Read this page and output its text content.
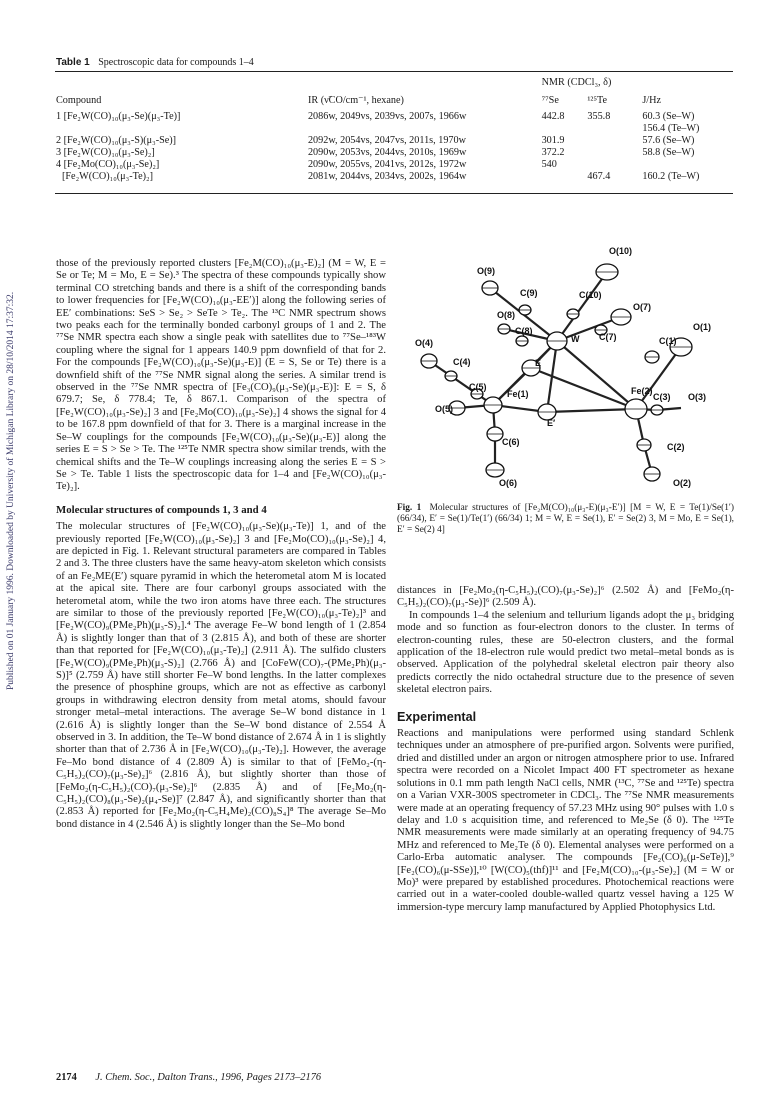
Published on 01 January 1996. Downloaded by University of Michigan Library on 28/10/2014 17:37:32.
Table 1 Spectroscopic data for compounds 1–4
		NMR (CDCl₃, δ)		
Compound	IR (ν̃CO/cm⁻¹, hexane)	⁷⁷Se	¹²⁵Te	J/Hz
1 [Fe₂W(CO)₁₀(μ₃-Se)(μ₃-Te)]	2086w, 2049vs, 2039vs, 2007s, 1966w	442.8	355.8	60.3 (Se–W)
				156.4 (Te–W)
2 [Fe₂W(CO)₁₀(μ₃-S)(μ₃-Se)]	2092w, 2054vs, 2047vs, 2011s, 1970w	301.9		57.6 (Se–W)
3 [Fe₂W(CO)₁₀(μ₃-Se)₂]	2090w, 2053vs, 2044vs, 2010s, 1969w	372.2		58.8 (Se–W)
4 [Fe₂Mo(CO)₁₀(μ₃-Se)₂]	2090w, 2055vs, 2041vs, 2012s, 1972w	540		
[Fe₂W(CO)₁₀(μ₃-Te)₂]	2081w, 2044vs, 2034vs, 2002s, 1964w		467.4	160.2 (Te–W)

those of the previously reported clusters [Fe₂M(CO)₁₀(μ₃-E)₂] (M = W, E = Se or Te; M = Mo, E = Se).³ The spectra of these compounds typically show terminal CO stretching bands and there is a shift of the corresponding bands to lower frequencies for [Fe₂W(CO)₁₀(μ₃-EE′)] along the following series of EE′ combinations: SeS > Se₂ > SeTe > Te₂. The ¹³C NMR spectrum shows two peaks each for the terminally bonded carbonyl groups of 1 and 2. The ⁷⁷Se NMR spectra each show a single peak with satellites due to ⁷⁷Se–¹⁸³W coupling where the signal for 1 appears 140.9 ppm downfield of that for 2. For the compounds [Fe₂W(CO)₁₀(μ₃-Se)(μ₃-E)] (E = S, Se or Te) there is a downfield shift of the ⁷⁷Se NMR signal along the series. A similar trend is observed in the ⁷⁷Se NMR spectra of [Fe₃(CO)₉(μ₃-Se)(μ₃-E)]: E = S, δ 679.7; Se, δ 778.4; Te, δ 867.1. Comparison of the spectra of [Fe₂W(CO)₁₀(μ₃-Se)₂] 3 and [Fe₂Mo(CO)₁₀(μ₃-Se)₂] 4 shows the signal for 4 to be 167.8 ppm downfield of that for 3. There is a marginal increase in the Se–W couplings for the compounds [Fe₂W(CO)₁₀(μ₃-Se)(μ₃-E)] along the series E = S > Se > Te. The ¹²⁵Te NMR spectra show similar trends, with the chemical shifts and the Te–W couplings increasing along the series E = S > Se > Te. Table 1 lists the spectroscopic data for 1–4 and [Fe₂W(CO)₁₀(μ₃-Te)₂].

Molecular structures of compounds 1, 3 and 4

The molecular structures of [Fe₂W(CO)₁₀(μ₃-Se)(μ₃-Te)] 1, and of the previously reported [Fe₂W(CO)₁₀(μ₃-Se)₂] 3 and [Fe₂Mo(CO)₁₀(μ₃-Se)₂] 4, are depicted in Fig. 1. Relevant structural parameters are compared in Tables 2 and 3. The three clusters have the same heavy-atom skeleton which consists of an Fe₂ME(E′) square pyramid in which the heterometal atom M is located at the apical site. There are four carbonyl groups associated with the heterometal atom, while the two iron atoms have three each. The structures are similar to those of the previously reported [Fe₂W(CO)₁₀(μ₃-Te)₂]³ and [Fe₂W(CO)₉(PMe₂Ph)(μ₃-S)₂].⁴ The average Fe–W bond length of 1 (2.854 Å) is slightly longer than that of 3 (2.815 Å), and both of these are shorter than that reported for [Fe₂W(CO)₁₀(μ₃-Te)₂] (2.911 Å). The sulfido clusters [Fe₂W(CO)₉(PMe₂Ph)(μ₃-S)₂] (2.766 Å) and [CoFeW(CO)₇-(PMe₂Ph)(μ₃-S)]⁵ (2.759 Å) have still shorter Fe–W bond lengths. In the latter complexes the presence of phosphine groups, which are not as effective as carbonyl groups in withdrawing electron density from metal atoms, should favour stronger metal–metal interactions. The average Se–W bond distance in 1 (2.616 Å) is slightly longer than the Se–W bond distance of 2.554 Å observed in 3. In addition, the Te–W bond distance of 2.674 Å in 1 is slightly shorter than that of 2.736 Å in [Fe₂W(CO)₁₀(μ₃-Te)₂]. However, the average Fe–Mo bond distance of 4 (2.809 Å) is similar to that of [FeMo₂-(η-C₅H₅)₂(CO)₇(μ₃-Se)₂]⁶ (2.816 Å), but slightly shorter than those of [FeMo₂(η-C₅H₅)₂(CO)₇(μ₃-Se)₂]⁶ (2.835 Å) and of [Fe₂Mo₂(η-C₅H₅)₂(CO)₈(μ₃-Se)₂(μ₄-Se)]⁷ (2.847 Å), and significantly shorter than that (2.853 Å) reported for [Fe₂Mo₂(η-C₅H₄Me)₂(CO)₈S₄]⁸ The average Se–Mo bond distance in 4 (2.546 Å) is slightly longer than the Se–Mo bond

O(10)
O(9)
C(9)	C(10)
O(7)
O(8)
W C(7)
O(1)
C(8)
C(1)
O(4)
C(4)	E
C(5)
Fe(1)	Fe(2)
C(3) O(3)
O(5)
E′
C(6)	C(2)
O(6)	O(2)
Fig. 1 Molecular structures of [Fe₂M(CO)₁₀(μ₃-E)(μ₃-E′)] [M = W, E = Te(1)/Se(1′) (66/34), E′ = Se(1)/Te(1′) (66/34) 1; M = W, E = Se(1), E′ = Se(2) 3, M = Mo, E = Se(1), E′ = Se(2) 4]

distances in [Fe₂Mo₂(η-C₅H₅)₂(CO)₇(μ₃-Se)₂]⁶ (2.502 Å) and [FeMo₂(η-C₅H₅)₂(CO)₇(μ₃-Se)]⁶ (2.509 Å).

In compounds 1–4 the selenium and tellurium ligands adopt the μ₃ bridging mode and so function as four-electron donors to the cluster. In terms of electron-counting rules, these are 50-electron clusters, and the formal application of the 18-electron rule would predict two metal–metal bonds as is observed. Application of the polyhedral skeletal electron pair theory also predicts correctly the nido octahedral structure due to the presence of seven skeletal electron pairs.

Experimental

Reactions and manipulations were performed using standard Schlenk techniques under an atmosphere of pre-purified argon. Solvents were purified, dried and distilled under an argon or nitrogen atmosphere prior to use. Infrared spectra were recorded on a Nicolet Impact 400 FT spectrometer as hexane solutions in 0.1 mm path length NaCl cells, NMR (¹³C, ⁷⁷Se and ¹²⁵Te) spectra on a Varian VXR-300S spectrometer in CDCl₃. The ⁷⁷Se NMR measurements were made at an operating frequency of 57.23 MHz using 90° pulses with 1.0 s delay and 1.0 s acquisition time, and referenced to Me₂Se (δ 0). The ¹²⁵Te NMR measurements were made similarly at an operating frequency of 94.75 MHz and referenced to Me₂Te (δ 0). Elemental analyses were performed on a Carlo-Erba automatic analyser. The compounds [Fe₂(CO)₆(μ-SeTe)],⁹ [Fe₂(CO)₆(μ-SSe)],¹⁰ [W(CO)₅(thf)]¹¹ and [Fe₂M(CO)₁₀-(μ₃-Se)₂] (M = W or Mo)³ were prepared by established procedures. Photochemical reactions were carried out in a water-cooled double-walled quartz vessel having a 125 W immersion-type mercury lamp manufactured by Applied Photophysics Ltd.

2174 J. Chem. Soc., Dalton Trans., 1996, Pages 2173–2176
